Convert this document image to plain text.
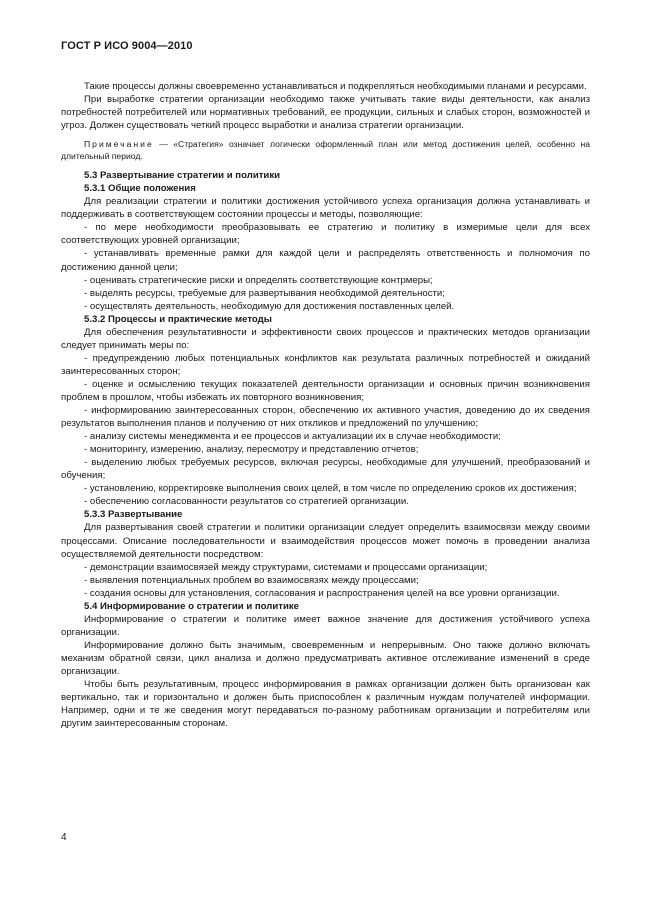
ГОСТ Р ИСО 9004—2010

Такие процессы должны своевременно устанавливаться и подкрепляться необходимыми планами и ресурсами.

При выработке стратегии организации необходимо также учитывать такие виды деятельности, как анализ потребностей потребителей или нормативных требований, ее продукции, сильных и слабых сторон, возможностей и угроз. Должен существовать четкий процесс выработки и анализа стратегии организации.

Примечание — «Стратегия» означает логически оформленный план или метод достижения целей, особенно на длительный период.

5.3 Развертывание стратегии и политики

5.3.1 Общие положения

Для реализации стратегии и политики достижения устойчивого успеха организация должна устанавливать и поддерживать в соответствующем состоянии процессы и методы, позволяющие:

- по мере необходимости преобразовывать ее стратегию и политику в измеримые цели для всех соответствующих уровней организации;

- устанавливать временные рамки для каждой цели и распределять ответственность и полномочия по достижению данной цели;

- оценивать стратегические риски и определять соответствующие контрмеры;

- выделять ресурсы, требуемые для развертывания необходимой деятельности;

- осуществлять деятельность, необходимую для достижения поставленных целей.

5.3.2 Процессы и практические методы

Для обеспечения результативности и эффективности своих процессов и практических методов организации следует принимать меры по:

- предупреждению любых потенциальных конфликтов как результата различных потребностей и ожиданий заинтересованных сторон;

- оценке и осмыслению текущих показателей деятельности организации и основных причин возникновения проблем в прошлом, чтобы избежать их повторного возникновения;

- информированию заинтересованных сторон, обеспечению их активного участия, доведению до их сведения результатов выполнения планов и получению от них откликов и предложений по улучшению;

- анализу системы менеджмента и ее процессов и актуализации их в случае необходимости;

- мониторингу, измерению, анализу, пересмотру и представлению отчетов;

- выделению любых требуемых ресурсов, включая ресурсы, необходимые для улучшений, преобразований и обучения;

- установлению, корректировке выполнения своих целей, в том числе по определению сроков их достижения;

- обеспечению согласованности результатов со стратегией организации.

5.3.3 Развертывание

Для развертывания своей стратегии и политики организации следует определить взаимосвязи между своими процессами. Описание последовательности и взаимодействия процессов может помочь в проведении анализа осуществляемой деятельности посредством:

- демонстрации взаимосвязей между структурами, системами и процессами организации;

- выявления потенциальных проблем во взаимосвязях между процессами;

- создания основы для установления, согласования и распространения целей на все уровни организации.

5.4 Информирование о стратегии и политике

Информирование о стратегии и политике имеет важное значение для достижения устойчивого успеха организации.

Информирование должно быть значимым, своевременным и непрерывным. Оно также должно включать механизм обратной связи, цикл анализа и должно предусматривать активное отслеживание изменений в среде организации.

Чтобы быть результативным, процесс информирования в рамках организации должен быть организован как вертикально, так и горизонтально и должен быть приспособлен к различным нуждам получателей информации. Например, одни и те же сведения могут передаваться по-разному работникам организации и потребителям или другим заинтересованным сторонам.

4
